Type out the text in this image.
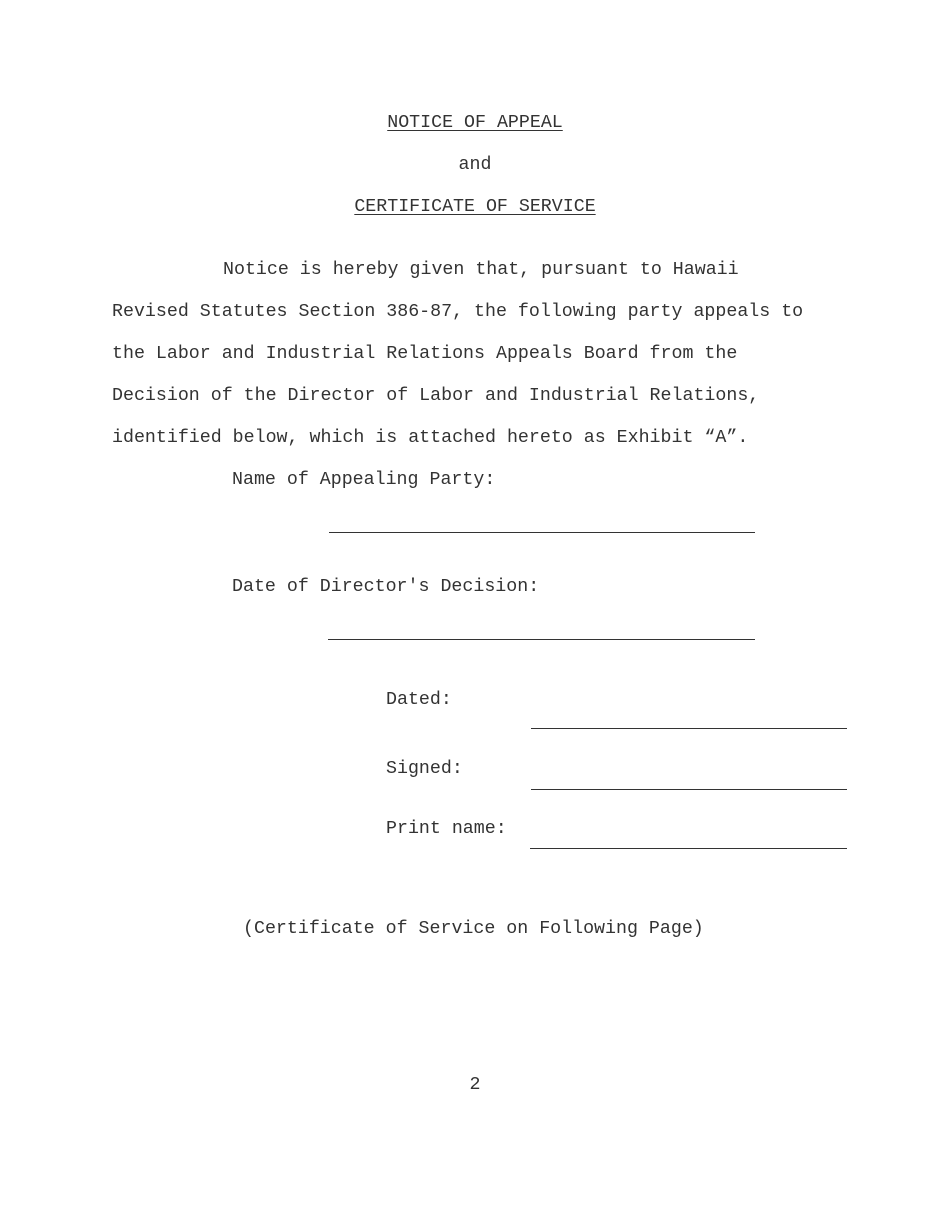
NOTICE OF APPEAL
and
CERTIFICATE OF SERVICE
Notice is hereby given that, pursuant to Hawaii
Revised Statutes Section 386-87, the following party appeals to
the Labor and Industrial Relations Appeals Board from the
Decision of the Director of Labor and Industrial Relations,
identified below, which is attached hereto as Exhibit “A”.
Name of Appealing Party:
Date of Director's Decision:
Dated:
Signed:
Print name:
(Certificate of Service on Following Page)
2
